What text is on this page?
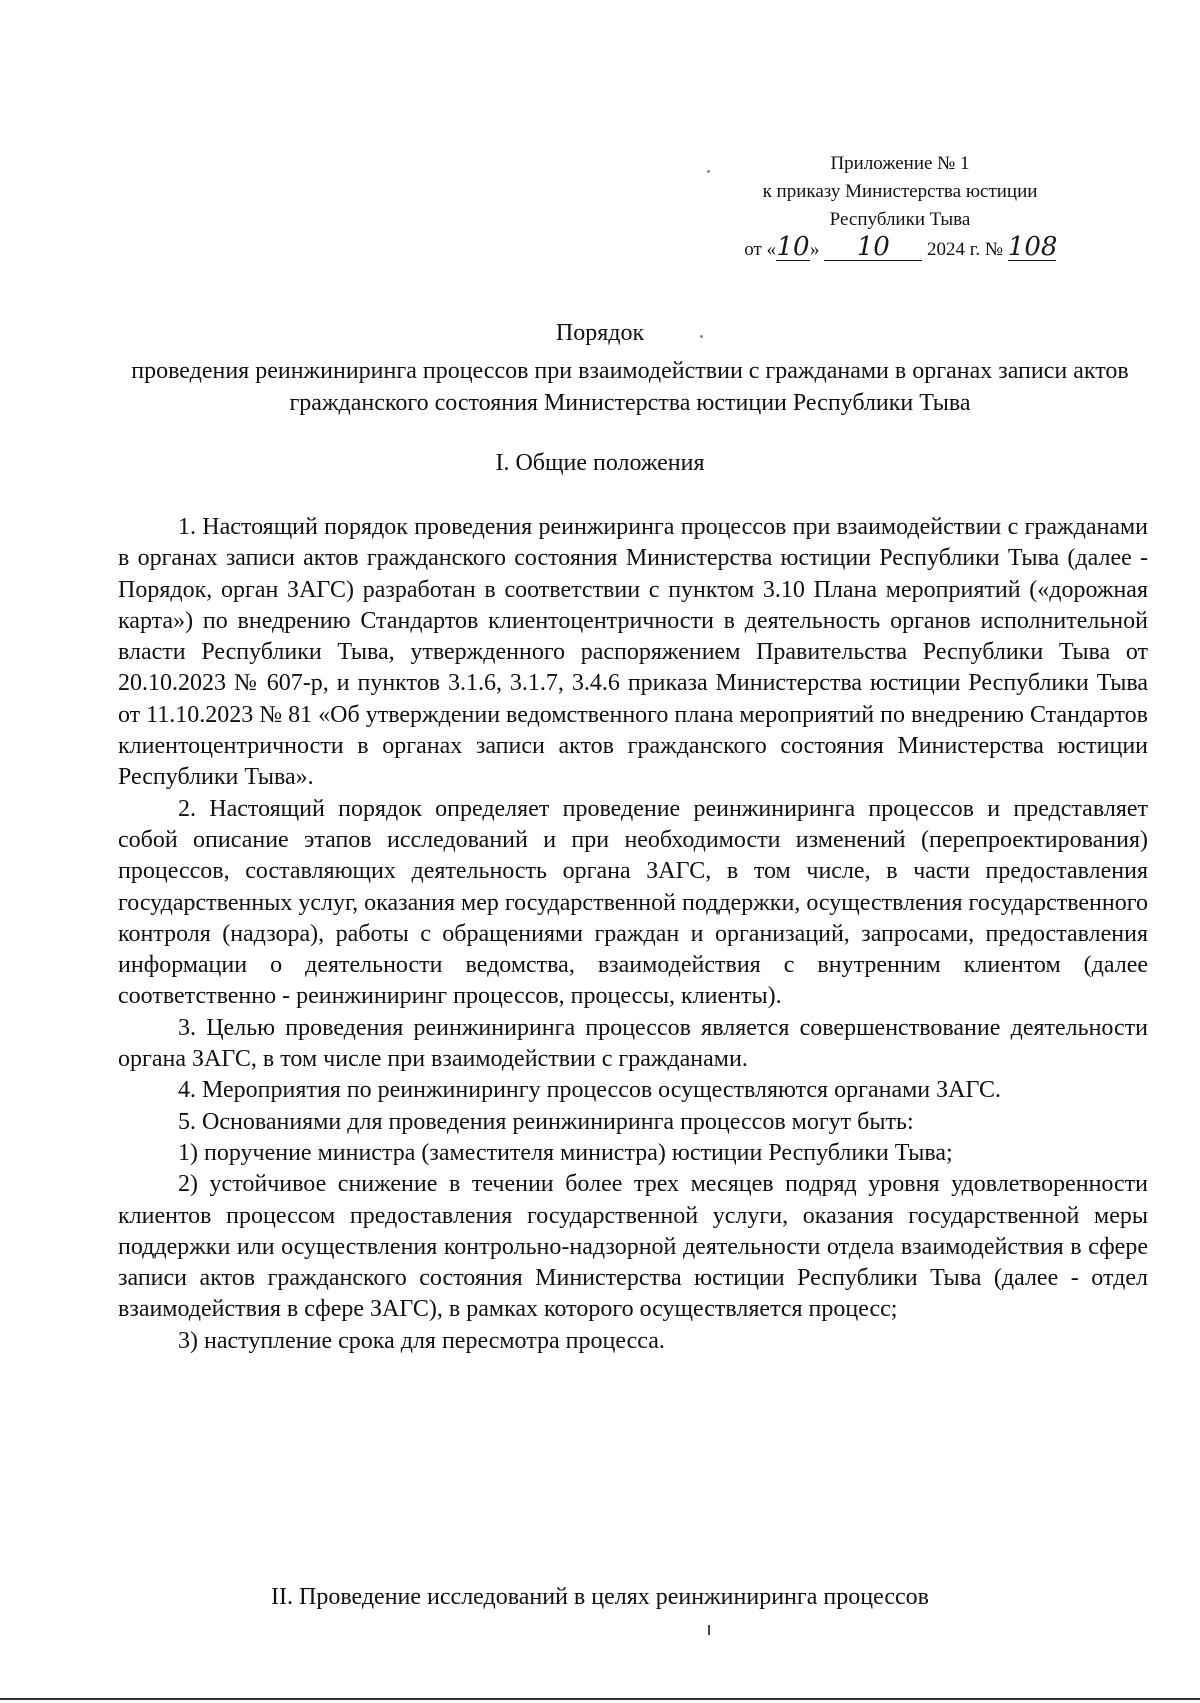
Приложение № 1
к приказу Министерства юстиции
Республики Тыва
от «10» 10 2024 г. № 108
Порядок
проведения реинжиниринга процессов при взаимодействии с гражданами в органах записи актов гражданского состояния Министерства юстиции Республики Тыва
I. Общие положения

1. Настоящий порядок проведения реинжиринга процессов при взаимодействии с гражданами в органах записи актов гражданского состояния Министерства юстиции Республики Тыва (далее - Порядок, орган ЗАГС) разработан в соответствии с пунктом 3.10 Плана мероприятий («дорожная карта») по внедрению Стандартов клиентоцентричности в деятельность органов исполнительной власти Республики Тыва, утвержденного распоряжением Правительства Республики Тыва от 20.10.2023 № 607-р, и пунктов 3.1.6, 3.1.7, 3.4.6 приказа Министерства юстиции Республики Тыва от 11.10.2023 № 81 «Об утверждении ведомственного плана мероприятий по внедрению Стандартов клиентоцентричности в органах записи актов гражданского состояния Министерства юстиции Республики Тыва».

2. Настоящий порядок определяет проведение реинжиниринга процессов и представляет собой описание этапов исследований и при необходимости изменений (перепроектирования) процессов, составляющих деятельность органа ЗАГС, в том числе, в части предоставления государственных услуг, оказания мер государственной поддержки, осуществления государственного контроля (надзора), работы с обращениями граждан и организаций, запросами, предоставления информации о деятельности ведомства, взаимодействия с внутренним клиентом (далее соответственно - реинжиниринг процессов, процессы, клиенты).

3. Целью проведения реинжиниринга процессов является совершенствование деятельности органа ЗАГС, в том числе при взаимодействии с гражданами.

4. Мероприятия по реинжинирингу процессов осуществляются органами ЗАГС.

5. Основаниями для проведения реинжиниринга процессов могут быть:

1) поручение министра (заместителя министра) юстиции Республики Тыва;

2) устойчивое снижение в течении более трех месяцев подряд уровня удовлетворенности клиентов процессом предоставления государственной услуги, оказания государственной меры поддержки или осуществления контрольно-надзорной деятельности отдела взаимодействия в сфере записи актов гражданского состояния Министерства юстиции Республики Тыва (далее - отдел взаимодействия в сфере ЗАГС), в рамках которого осуществляется процесс;

3) наступление срока для пересмотра процесса.

II. Проведение исследований в целях реинжиниринга процессов
